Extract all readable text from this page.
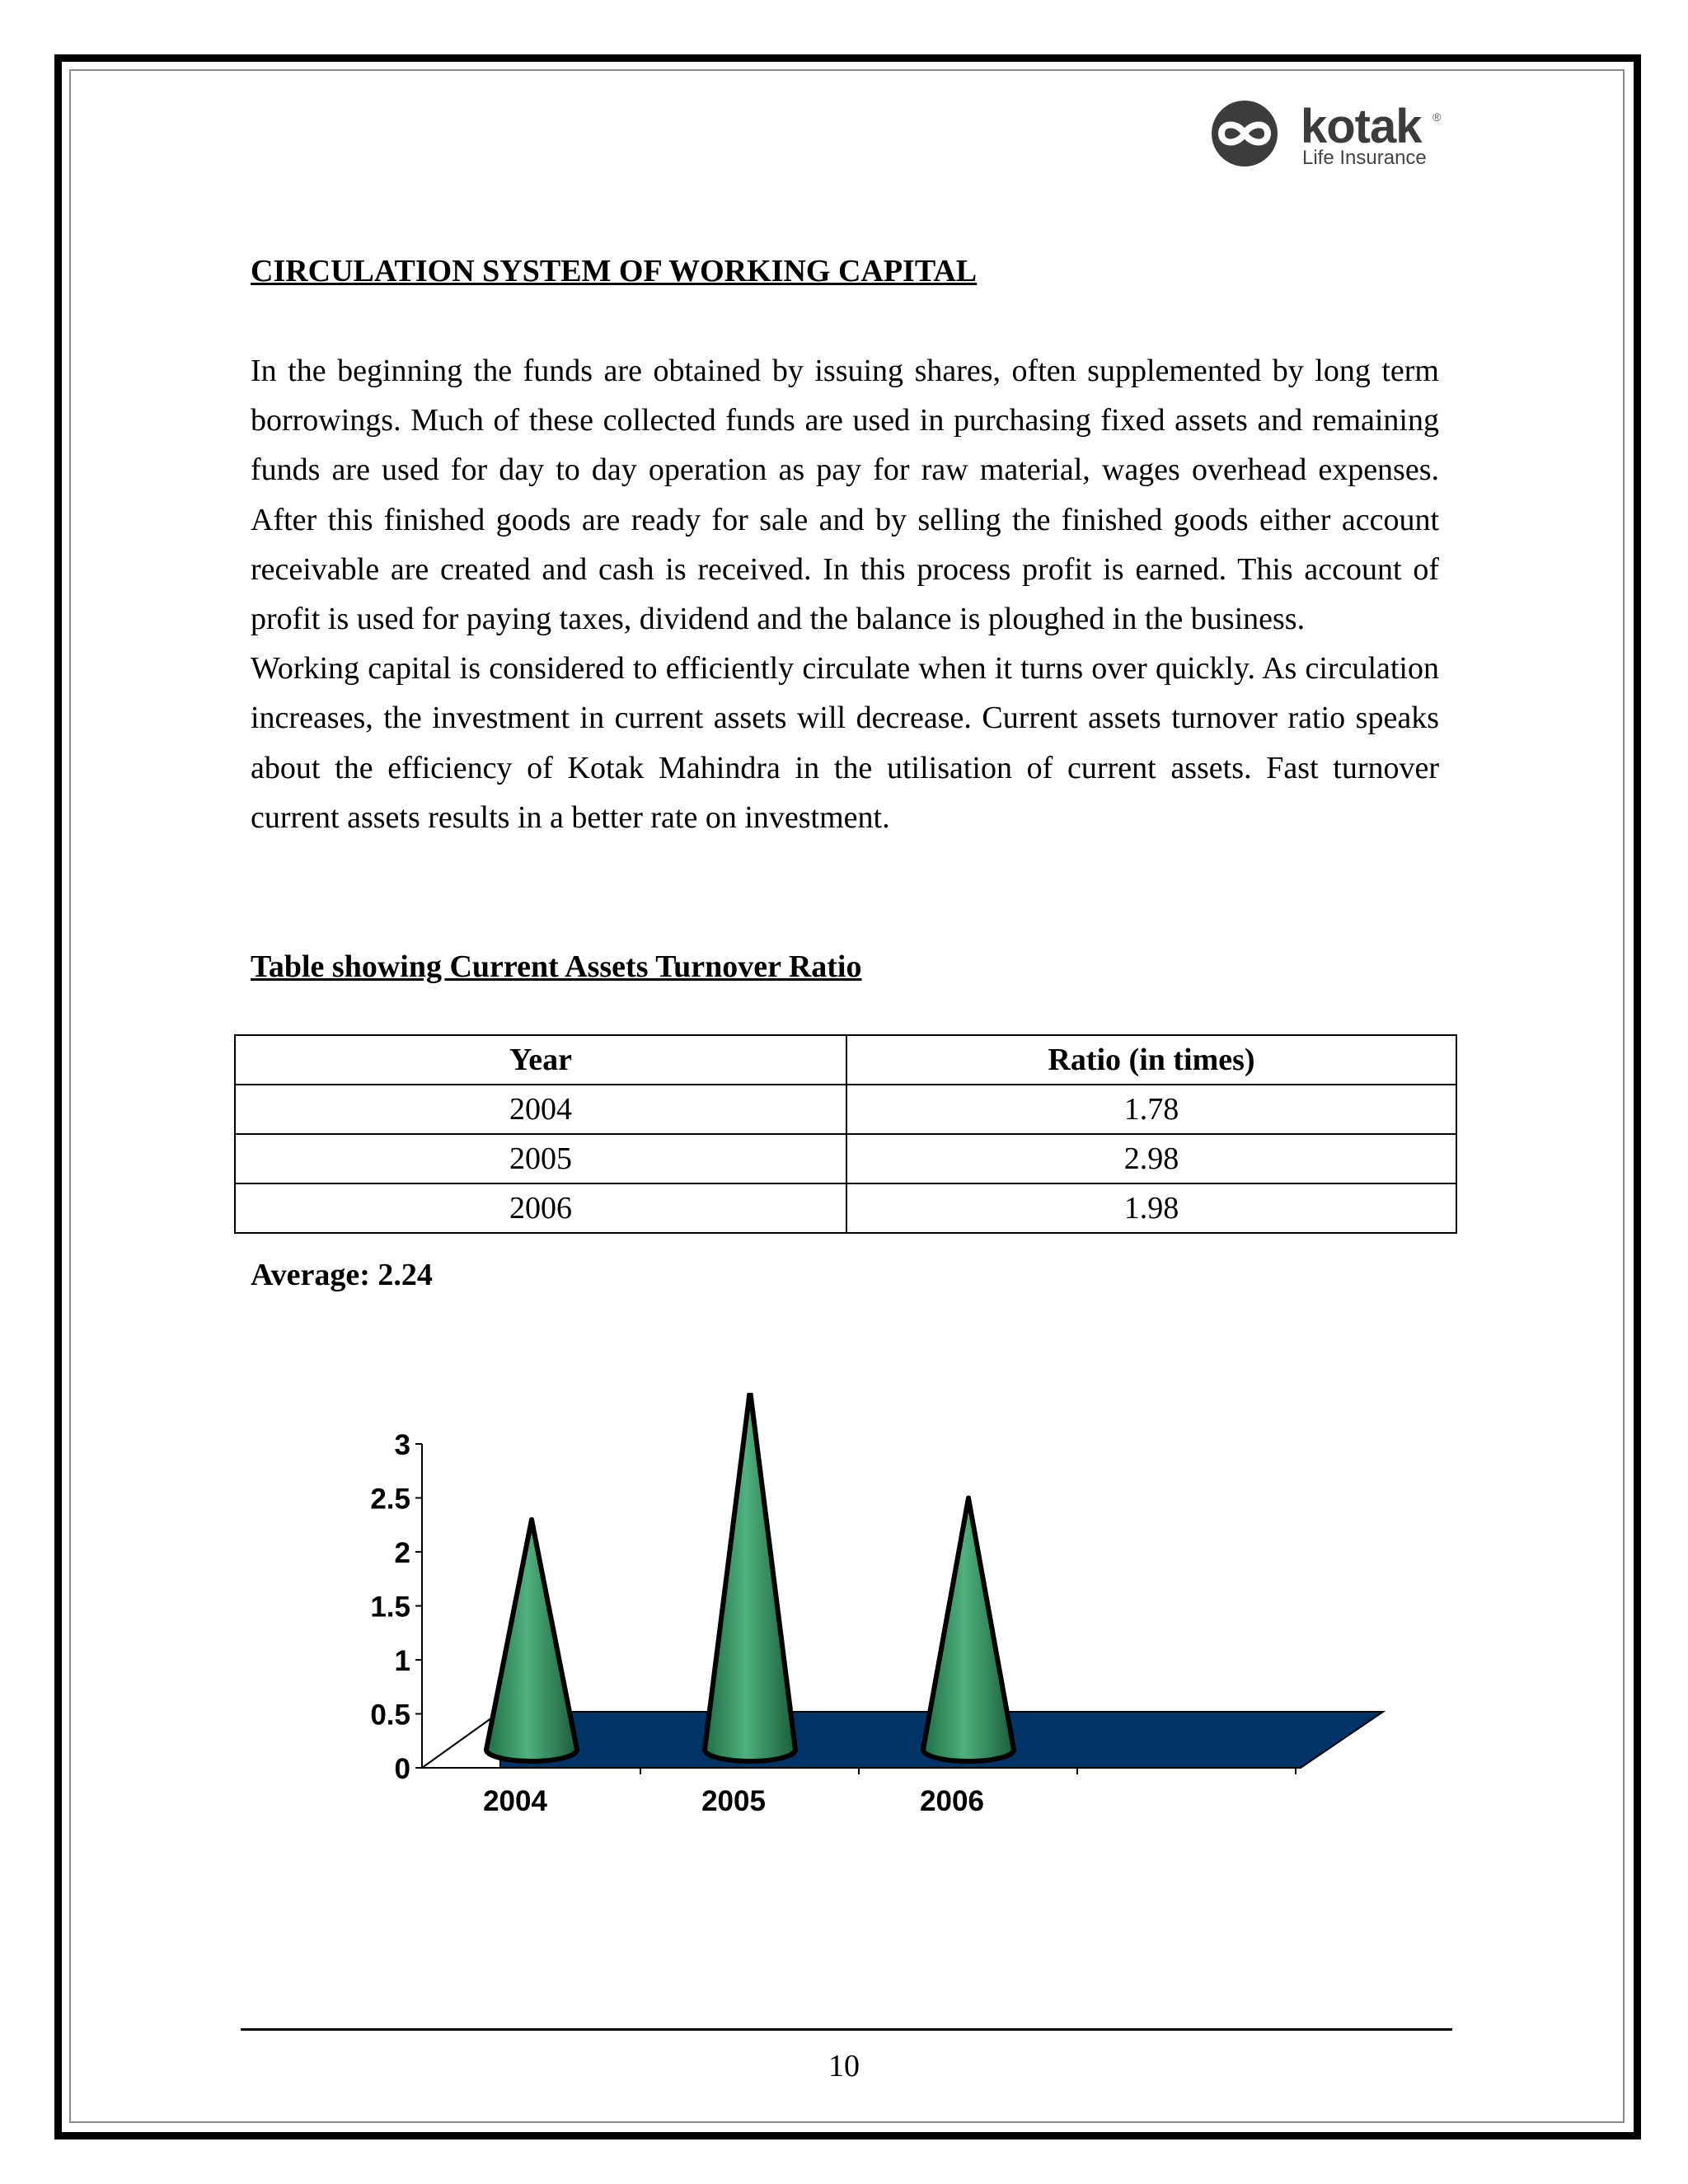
kotak ®
Life Insurance
CIRCULATION SYSTEM OF WORKING CAPITAL

In the beginning the funds are obtained by issuing shares, often supplemented by long term borrowings. Much of these collected funds are used in purchasing fixed assets and remaining funds are used for day to day operation as pay for raw material, wages overhead expenses. After this finished goods are ready for sale and by selling the finished goods either account receivable are created and cash is received. In this process profit is earned. This account of profit is used for paying taxes, dividend and the balance is ploughed in the business.

Working capital is considered to efficiently circulate when it turns over quickly. As circulation increases, the investment in current assets will decrease. Current assets turnover ratio speaks about the efficiency of Kotak Mahindra in the utilisation of current assets. Fast turnover current assets results in a better rate on investment.

Table showing Current Assets Turnover Ratio
Year	Ratio (in times)
2004	1.78
2005	2.98
2006	1.98
Average: 2.24
0
0.5
1
1.5
2
2.5
3
2004	2005	2006
10
